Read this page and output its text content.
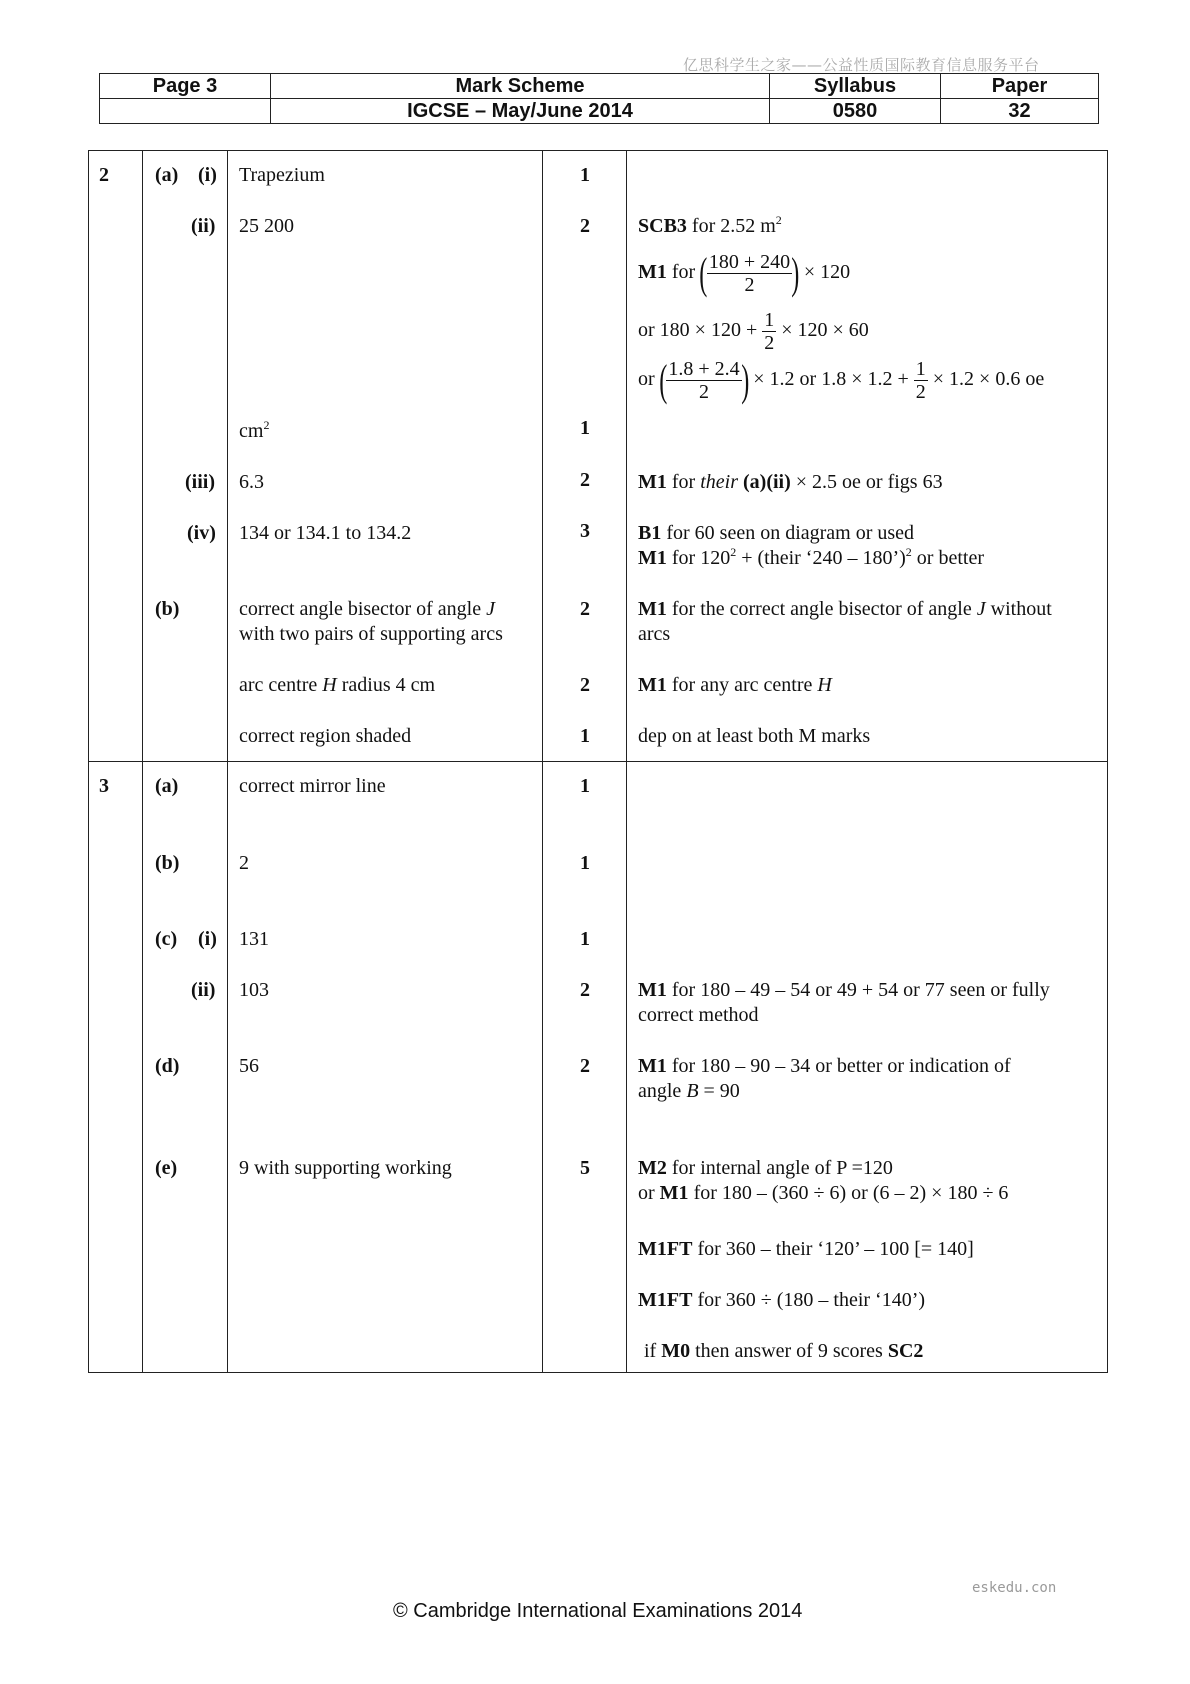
亿思科学生之家——公益性质国际教育信息服务平台
Page 3	Mark Scheme	Syllabus	Paper
	IGCSE – May/June 2014	0580	32
2 (a) (i) Trapezium	1
(ii) 25 200	2 SCB3 for 2.52 $m^2$
M1 for ( $\frac{180 + 240}{2}$ ) × 120
or $180 \times 120 + \frac{1}{2} \times 120 \times 60$
or ( $\frac{1.8 + 2.4}{2}$ ) × 1.2 or $1.8 \times 1.2 + \frac{1}{2} \times 1.2 \times 0.6$ oe
$cm^2$	1
(iii) 6.3	2 M1 for their (a)(ii) × 2.5 oe or figs 63
(iv) 134 or 134.1 to 134.2	3 B1 for 60 seen on diagram or used
M1 for $120^2$ + (their ‘240 – 180’)$^2$ or better
(b)	correct angle bisector of angle J
with two pairs of supporting arcs
2 M1 for the correct angle bisector of angle J without
arcs
arc centre H radius 4 cm	2 M1 for any arc centre H
correct region shaded	1 dep on at least both M marks
3 (a)	correct mirror line	1
(b)	2	1
(c) (i) 131	1
(ii) 103	2 M1 for 180 – 49 – 54 or 49 + 54 or 77 seen or fully
correct method
(d)	56	2 M1 for 180 – 90 – 34 or better or indication of
angle B = 90
(e)	9 with supporting working	5 M2 for internal angle of P =120
or M1 for 180 – (360 ÷ 6) or (6 – 2) × 180 ÷ 6
M1FT for 360 – their ‘120’ – 100 [= 140]
M1FT for 360 ÷ (180 – their ‘140’)
if M0 then answer of 9 scores SC2
eskedu.con
© Cambridge International Examinations 2014
